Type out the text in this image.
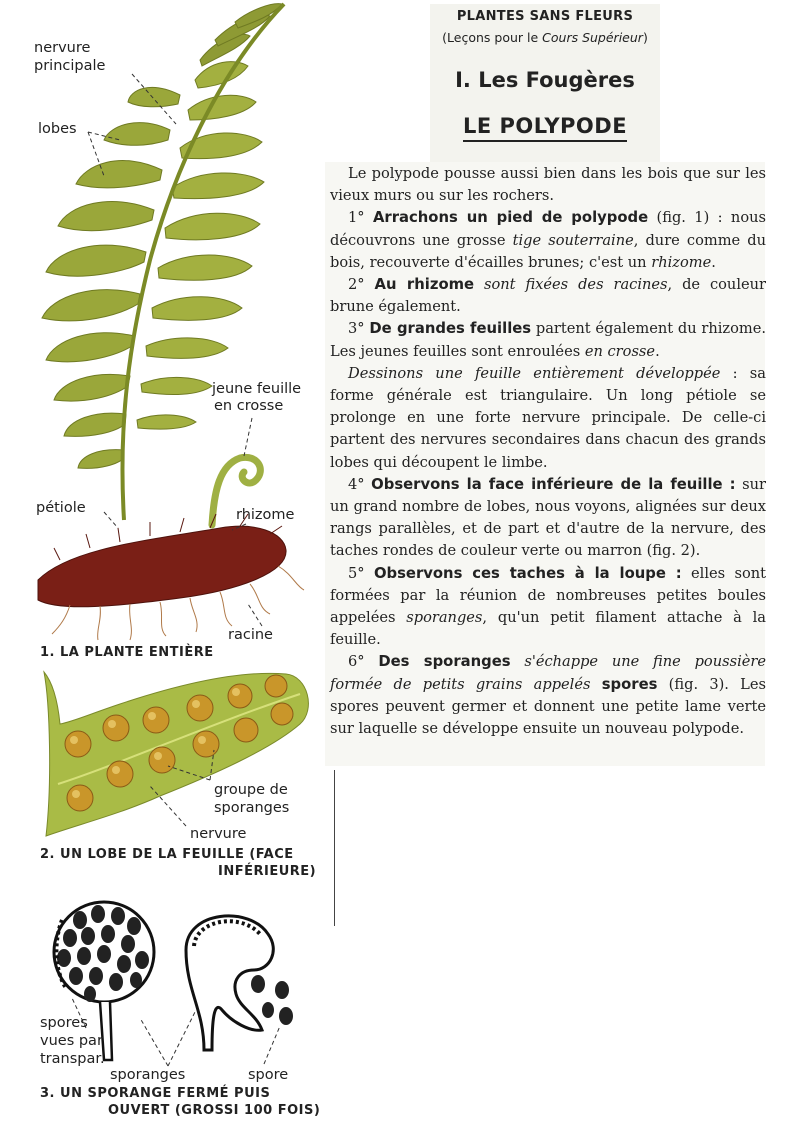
nervure
principale
lobes
jeune feuille
en crosse
pétiole	rhizome
racine
1. LA PLANTE ENTIÈRE
groupe de
sporanges
nervure
2. UN LOBE DE LA FEUILLE (FACE
INFÉRIEURE)
spores
vues par
transpar.
sporanges	spore
3. UN SPORANGE FERMÉ PUIS
OUVERT (GROSSI 100 FOIS)
PLANTES SANS FLEURS
(Leçons pour le Cours Supérieur)
I. Les Fougères
LE POLYPODE

Le polypode pousse aussi bien dans les bois que sur les vieux murs ou sur les rochers.

1° Arrachons un pied de polypode (fig. 1) : nous découvrons une grosse tige souterraine, dure comme du bois, recouverte d'écailles brunes; c'est un rhizome.

2° Au rhizome sont fixées des racines, de couleur brune également.

3° De grandes feuilles partent également du rhizome. Les jeunes feuilles sont enroulées en crosse.

Dessinons une feuille entièrement développée : sa forme générale est triangulaire. Un long pétiole se prolonge en une forte nervure principale. De celle-ci partent des nervures secondaires dans chacun des grands lobes qui découpent le limbe.

4° Observons la face inférieure de la feuille : sur un grand nombre de lobes, nous voyons, alignées sur deux rangs parallèles, et de part et d'autre de la nervure, des taches rondes de couleur verte ou marron (fig. 2).

5° Observons ces taches à la loupe : elles sont formées par la réunion de nombreuses petites boules appelées sporanges, qu'un petit filament attache à la feuille.

6° Des sporanges s'échappe une fine poussière formée de petits grains appelés spores (fig. 3). Les spores peuvent germer et donnent une petite lame verte sur laquelle se développe ensuite un nouveau polypode.
